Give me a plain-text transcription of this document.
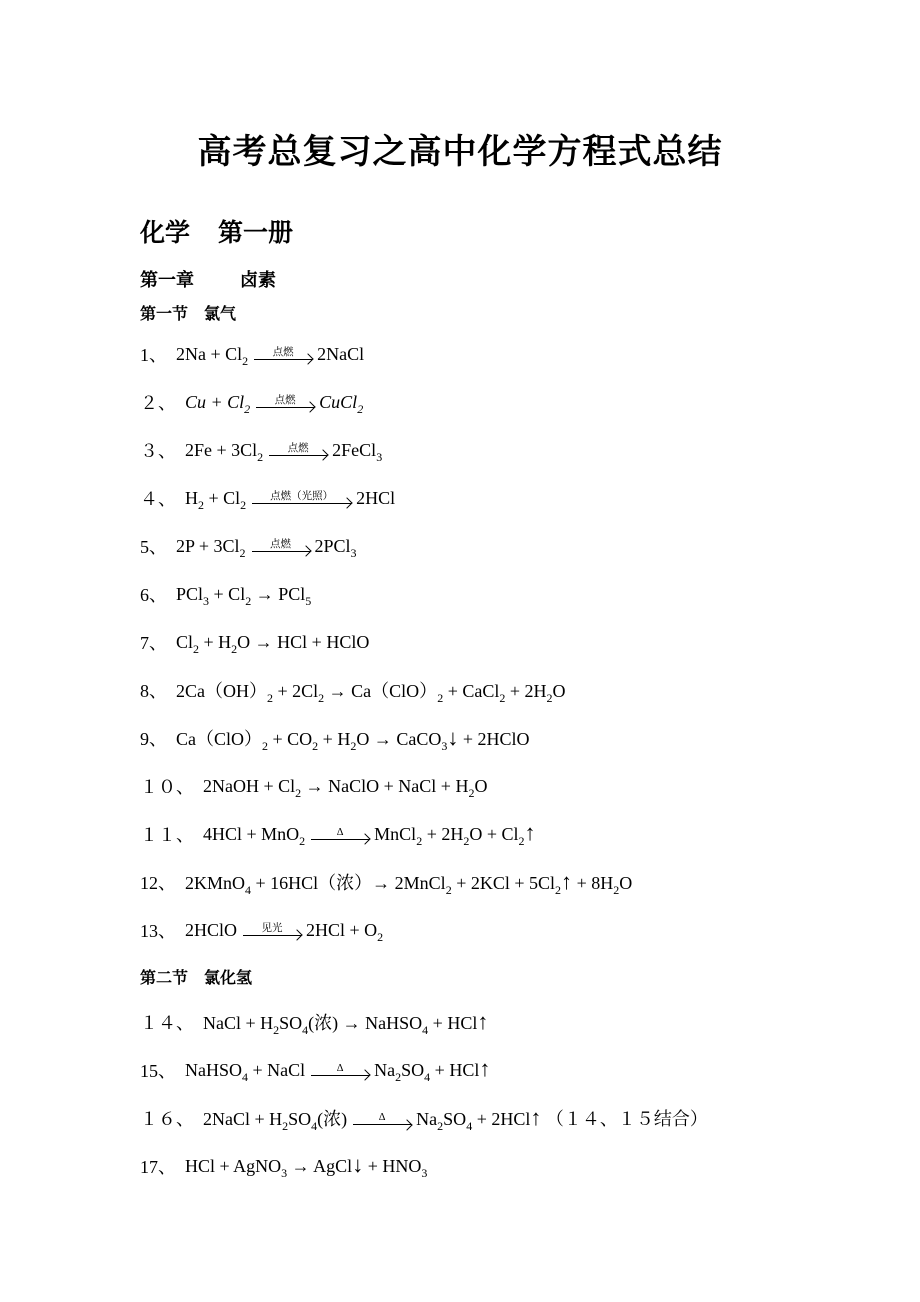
高考总复习之高中化学方程式总结
化学 第一册
第一章	卤素
第一节 氯气
1、 $2Na + Cl_2$
点燃	2NaCl
２、 $Cu + Cl_2$
点燃	CuCl$_2$
３、 $2Fe + 3Cl_2$
点燃	2FeCl$_3$
４、 $H_2 + Cl_2$
点燃（光照）	2HCl
5、 $2P + 3Cl_2$
点燃	2PCl$_3$
6、 $PCl_3 + Cl_2 \to PCl_5$
7、 $Cl_2 + H_2O$ → HCl + HClO
8、 $2Ca(OH)_2 + 2Cl_2 \to Ca(ClO)_2$ + CaCl$_2$ + $2H_2O$
9、 $Ca(ClO)_2 + CO_2 + H_2O$ → CaCO$_3$↓ + 2HClO
１０、 2NaOH + $Cl_2$ → NaClO + NaCl + $H_2O$
１１、 4HCl + MnO$_2$
Δ	MnCl$_2$ + $2H_2O$ + $Cl_2↑$
12、 2KMnO$_4$ + 16HCl（浓）→ 2MnCl$_2$ + $2KCl + 5Cl_2↑ + 8H_2O$
13、 2HClO	见光	$2HCl + O_2$
第二节 氯化氢
１４、 NaCl + $H_2SO_4$(浓) → NaHSO$_4$ + HCl↑
15、 NaHSO$_4$ + NaCl	Δ	$Na_2SO_4$ + HCl↑
１６、 2NaCl + $H_2SO_4$(浓)	Δ	$Na_2SO_4$ + 2HCl↑ （１４、１５结合）
17、 HCl + AgNO$_3$ → AgCl↓ + $HNO_3$
